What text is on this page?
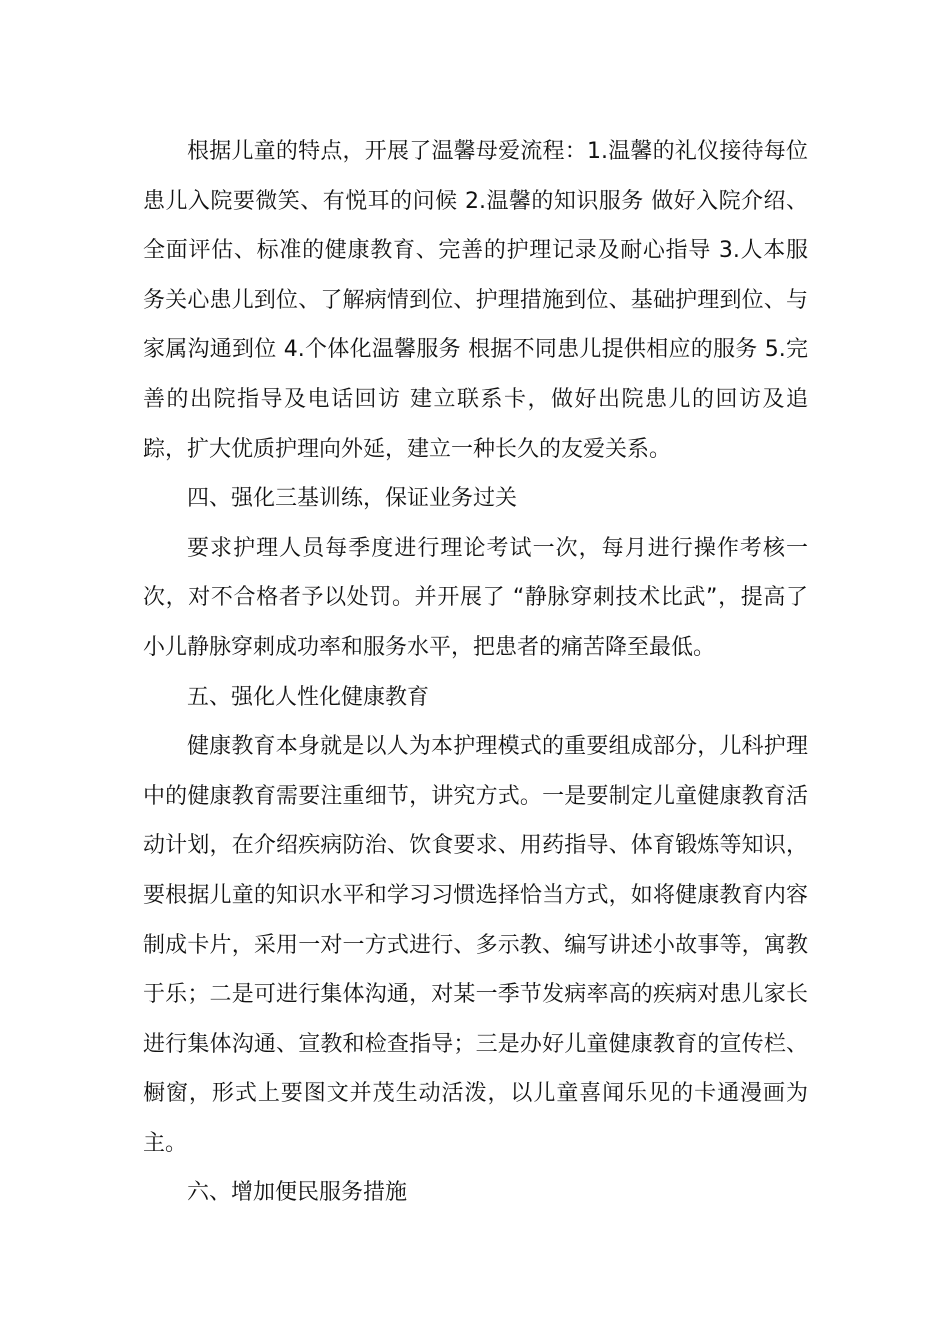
根据儿童的特点，开展了温馨母爱流程：1.温馨的礼仪接待每位患儿入院要微笑、有悦耳的问候 2.温馨的知识服务 做好入院介绍、全面评估、标准的健康教育、完善的护理记录及耐心指导 3.人本服务关心患儿到位、了解病情到位、护理措施到位、基础护理到位、与家属沟通到位 4.个体化温馨服务 根据不同患儿提供相应的服务 5.完善的出院指导及电话回访 建立联系卡，做好出院患儿的回访及追踪，扩大优质护理向外延，建立一种长久的友爱关系。

四、强化三基训练，保证业务过关

要求护理人员每季度进行理论考试一次，每月进行操作考核一次，对不合格者予以处罚。并开展了 “静脉穿刺技术比武”，提高了小儿静脉穿刺成功率和服务水平，把患者的痛苦降至最低。

五、强化人性化健康教育

健康教育本身就是以人为本护理模式的重要组成部分，儿科护理中的健康教育需要注重细节，讲究方式。一是要制定儿童健康教育活动计划，在介绍疾病防治、饮食要求、用药指导、体育锻炼等知识，要根据儿童的知识水平和学习习惯选择恰当方式，如将健康教育内容制成卡片，采用一对一方式进行、多示教、编写讲述小故事等，寓教于乐；二是可进行集体沟通，对某一季节发病率高的疾病对患儿家长进行集体沟通、宣教和检查指导；三是办好儿童健康教育的宣传栏、橱窗，形式上要图文并茂生动活泼，以儿童喜闻乐见的卡通漫画为主。

六、增加便民服务措施
